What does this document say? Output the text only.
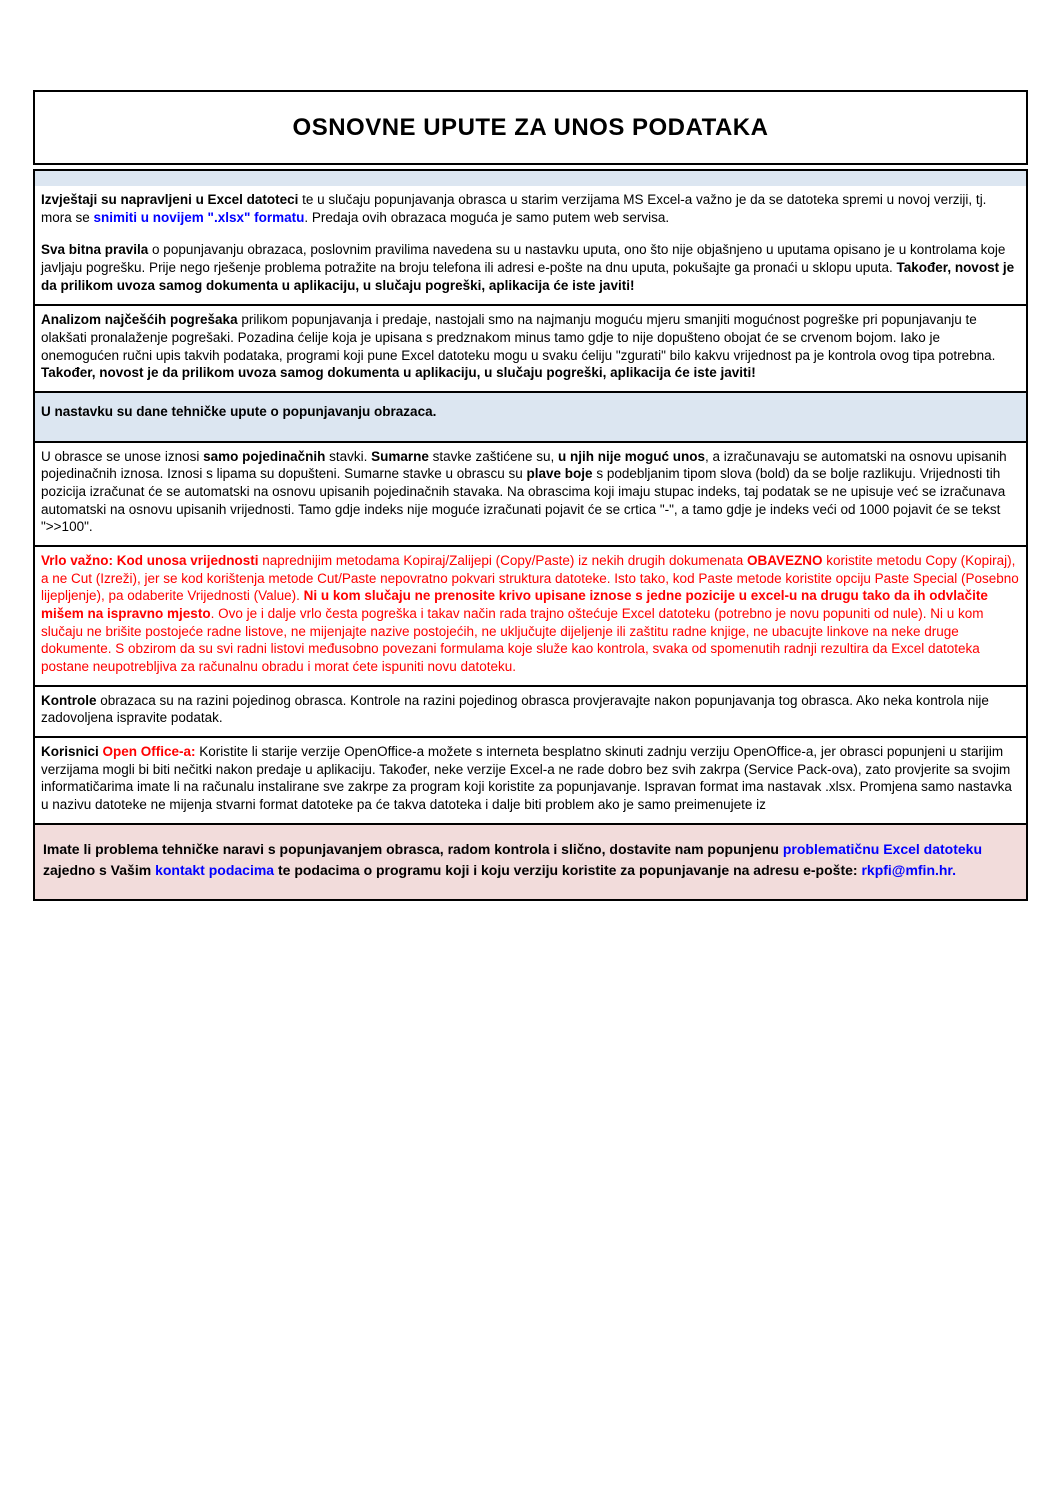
OSNOVNE UPUTE ZA UNOS PODATAKA

Izvještaji su napravljeni u Excel datoteci te u slučaju popunjavanja obrasca u starim verzijama MS Excel-a važno je da se datoteka spremi u novoj verziji, tj. mora se snimiti u novijem ".xlsx" formatu. Predaja ovih obrazaca moguća je samo putem web servisa.

Sva bitna pravila o popunjavanju obrazaca, poslovnim pravilima navedena su u nastavku uputa, ono što nije objašnjeno u uputama opisano je u kontrolama koje javljaju pogrešku. Prije nego rješenje problema potražite na broju telefona ili adresi e-pošte na dnu uputa, pokušajte ga pronaći u sklopu uputa. Također, novost je da prilikom uvoza samog dokumenta u aplikaciju, u slučaju pogreški, aplikacija će iste javiti!

Analizom najčešćih pogrešaka prilikom popunjavanja i predaje, nastojali smo na najmanju moguću mjeru smanjiti mogućnost pogreške pri popunjavanju te olakšati pronalaženje pogrešaki. Pozadina ćelije koja je upisana s predznakom minus tamo gdje to nije dopušteno obojat će se crvenom bojom. Iako je onemogućen ručni upis takvih podataka, programi koji pune Excel datoteku mogu u svaku ćeliju "zgurati" bilo kakvu vrijednost pa je kontrola ovog tipa potrebna. Također, novost je da prilikom uvoza samog dokumenta u aplikaciju, u slučaju pogreški, aplikacija će iste javiti!

U nastavku su dane tehničke upute o popunjavanju obrazaca.

U obrasce se unose iznosi samo pojedinačnih stavki. Sumarne stavke zaštićene su, u njih nije moguć unos, a izračunavaju se automatski na osnovu upisanih pojedinačnih iznosa. Iznosi s lipama su dopušteni. Sumarne stavke u obrascu su plave boje s podebljanim tipom slova (bold) da se bolje razlikuju. Vrijednosti tih pozicija izračunat će se automatski na osnovu upisanih pojedinačnih stavaka. Na obrascima koji imaju stupac indeks, taj podatak se ne upisuje već se izračunava automatski na osnovu upisanih vrijednosti. Tamo gdje indeks nije moguće izračunati pojavit će se crtica "-", a tamo gdje je indeks veći od 1000 pojavit će se tekst ">>100".

Vrlo važno: Kod unosa vrijednosti naprednijim metodama Kopiraj/Zalijepi (Copy/Paste) iz nekih drugih dokumenata OBAVEZNO koristite metodu Copy (Kopiraj), a ne Cut (Izreži), jer se kod korištenja metode Cut/Paste nepovratno pokvari struktura datoteke. Isto tako, kod Paste metode koristite opciju Paste Special (Posebno lijepljenje), pa odaberite Vrijednosti (Value). Ni u kom slučaju ne prenosite krivo upisane iznose s jedne pozicije u excel-u na drugu tako da ih odvlačite mišem na ispravno mjesto. Ovo je i dalje vrlo česta pogreška i takav način rada trajno oštećuje Excel datoteku (potrebno je novu popuniti od nule). Ni u kom slučaju ne brišite postojeće radne listove, ne mijenjajte nazive postojećih, ne uključujte dijeljenje ili zaštitu radne knjige, ne ubacujte linkove na neke druge dokumente. S obzirom da su svi radni listovi međusobno povezani formulama koje služe kao kontrola, svaka od spomenutih radnji rezultira da Excel datoteka postane neupotrebljiva za računalnu obradu i morat ćete ispuniti novu datoteku.

Kontrole obrazaca su na razini pojedinog obrasca. Kontrole na razini pojedinog obrasca provjeravajte nakon popunjavanja tog obrasca. Ako neka kontrola nije zadovoljena ispravite podatak.

Korisnici Open Office-a: Koristite li starije verzije OpenOffice-a možete s interneta besplatno skinuti zadnju verziju OpenOffice-a, jer obrasci popunjeni u starijim verzijama mogli bi biti nečitki nakon predaje u aplikaciju. Također, neke verzije Excel-a ne rade dobro bez svih zakrpa (Service Pack-ova), zato provjerite sa svojim informatičarima imate li na računalu instalirane sve zakrpe za program koji koristite za popunjavanje. Ispravan format ima nastavak .xlsx. Promjena samo nastavka u nazivu datoteke ne mijenja stvarni format datoteke pa će takva datoteka i dalje biti problem ako je samo preimenujete iz

Imate li problema tehničke naravi s popunjavanjem obrasca, radom kontrola i slično, dostavite nam popunjenu problematičnu Excel datoteku zajedno s Vašim kontakt podacima te podacima o programu koji i koju verziju koristite za popunjavanje na adresu e-pošte: rkpfi@mfin.hr.
